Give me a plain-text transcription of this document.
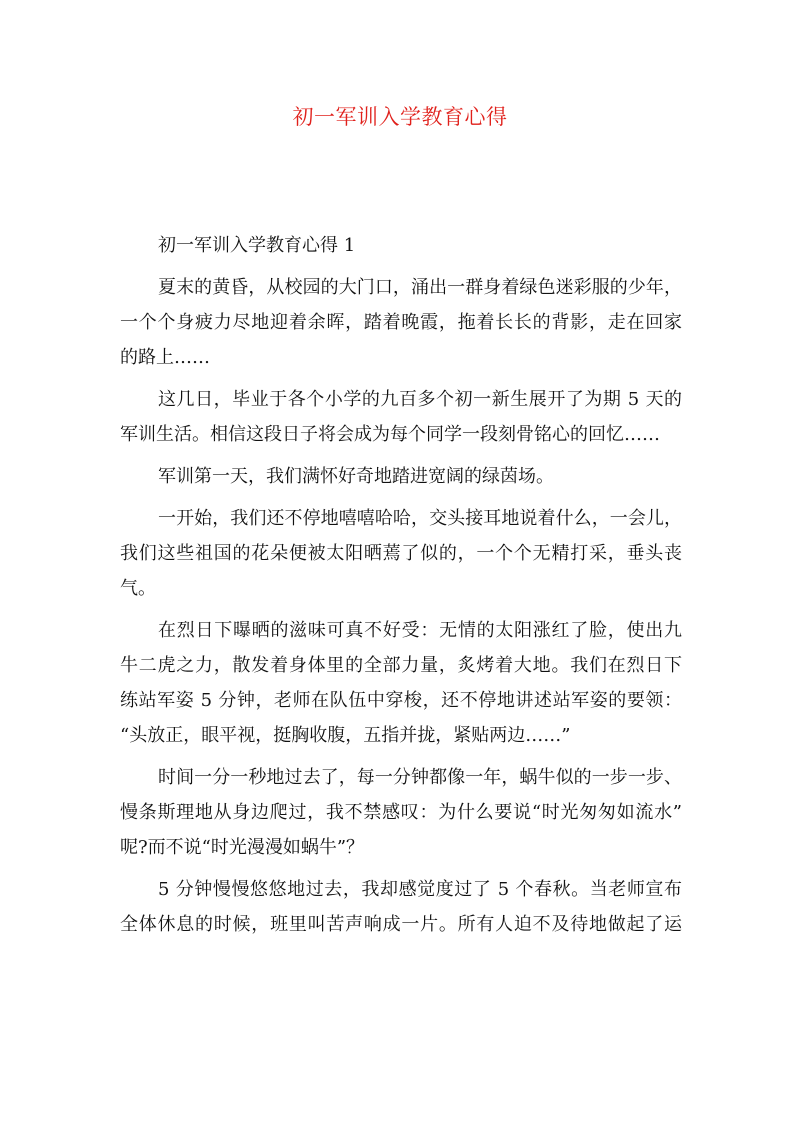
初一军训入学教育心得

初一军训入学教育心得 1

夏末的黄昏，从校园的大门口，涌出一群身着绿色迷彩服的少年，
一个个身疲力尽地迎着余晖，踏着晚霞，拖着长长的背影，走在回家
的路上……

这几日，毕业于各个小学的九百多个初一新生展开了为期 5 天的
军训生活。相信这段日子将会成为每个同学一段刻骨铭心的回忆……

军训第一天，我们满怀好奇地踏进宽阔的绿茵场。

一开始，我们还不停地嘻嘻哈哈，交头接耳地说着什么，一会儿，
我们这些祖国的花朵便被太阳晒蔫了似的，一个个无精打采，垂头丧
气。

在烈日下曝晒的滋味可真不好受：无情的太阳涨红了脸，使出九
牛二虎之力，散发着身体里的全部力量，炙烤着大地。我们在烈日下
练站军姿 5 分钟，老师在队伍中穿梭，还不停地讲述站军姿的要领：
“头放正，眼平视，挺胸收腹，五指并拢，紧贴两边……”

时间一分一秒地过去了，每一分钟都像一年，蜗牛似的一步一步、
慢条斯理地从身边爬过，我不禁感叹：为什么要说“时光匆匆如流水”
呢?而不说“时光漫漫如蜗牛”？

5 分钟慢慢悠悠地过去，我却感觉度过了 5 个春秋。当老师宣布
全体休息的时候，班里叫苦声响成一片。所有人迫不及待地做起了运
